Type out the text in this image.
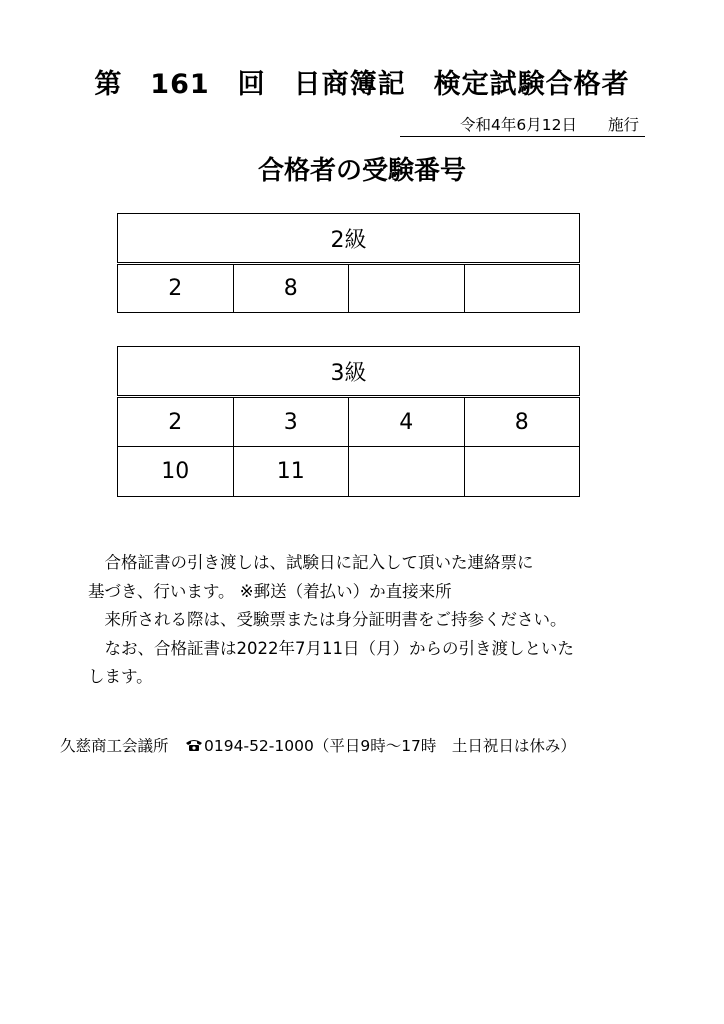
第　161　回　日商簿記　検定試験合格者
令和4年6月12日　　施行
合格者の受験番号
2級
2	8		
3級			
2	3	4	8
10	11		
　合格証書の引き渡しは、試験日に記入して頂いた連絡票に
基づき、行います。 ※郵送（着払い）か直接来所
　来所される際は、受験票または身分証明書をご持参ください。
　なお、合格証書は2022年7月11日（月）からの引き渡しといた
します。
久慈商工会議所　 0194-52-1000（平日9時～17時　土日祝日は休み）
